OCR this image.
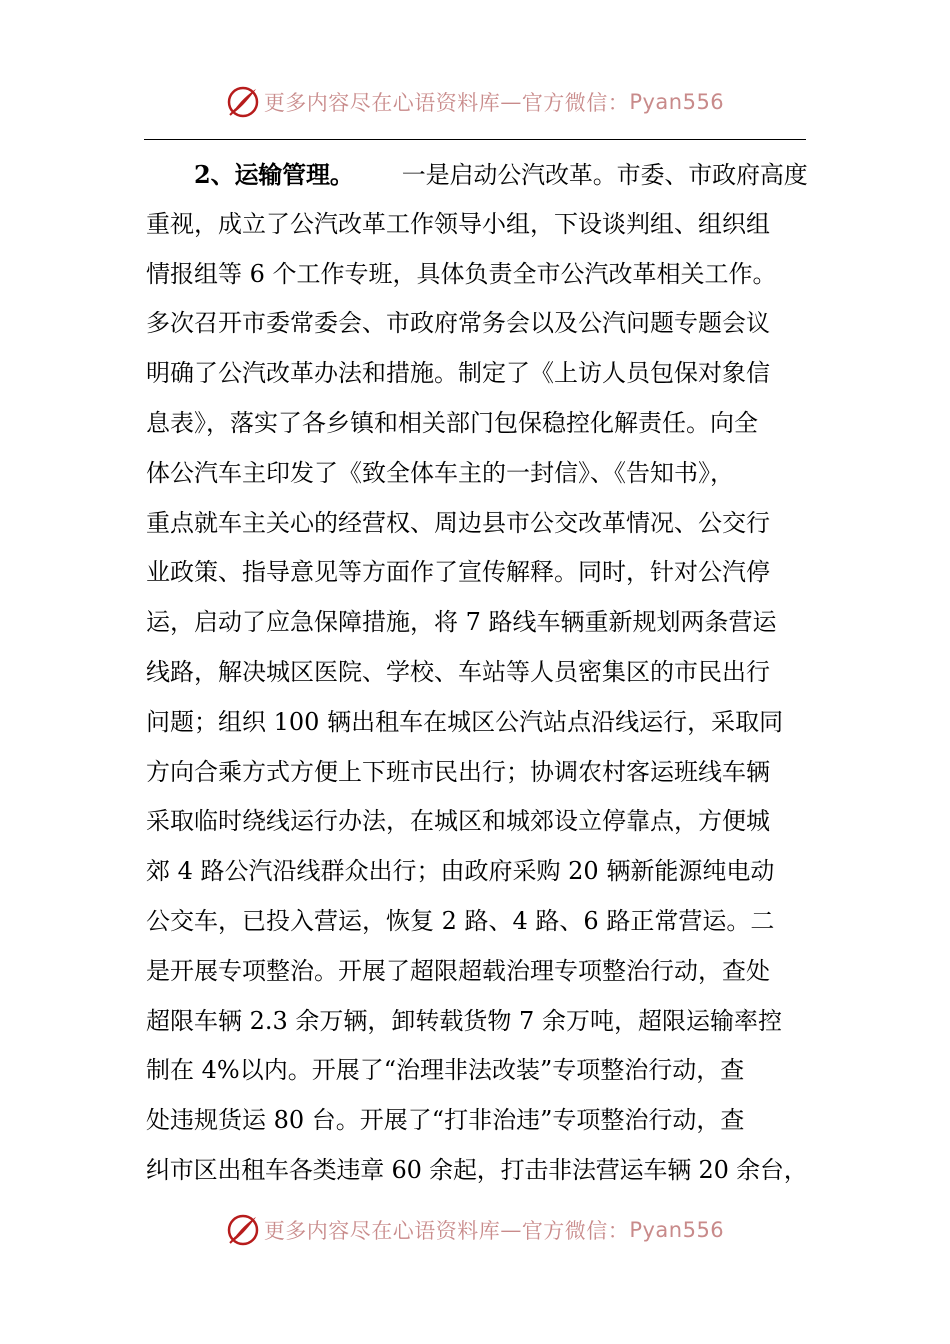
更多内容尽在心语资料库 — 官方微信： Pyan556
2、运输管理。 一是启动公汽改革。市委、市政府高度
重视，成立了公汽改革工作领导小组，下设谈判组、组织组
情报组等 6 个工作专班，具体负责全市公汽改革相关工作。
多次召开市委常委会、市政府常务会以及公汽问题专题会议
明确了公汽改革办法和措施。制定了《上访人员包保对象信
息表》，落实了各乡镇和相关部门包保稳控化解责任。向全
体公汽车主印发了《致全体车主的一封信》、《告知书》，
重点就车主关心的经营权、周边县市公交改革情况、公交行
业政策、指导意见等方面作了宣传解释。同时，针对公汽停
运，启动了应急保障措施，将 7 路线车辆重新规划两条营运
线路，解决城区医院、学校、车站等人员密集区的市民出行
问题；组织 100 辆出租车在城区公汽站点沿线运行，采取同
方向合乘方式方便上下班市民出行；协调农村客运班线车辆
采取临时绕线运行办法，在城区和城郊设立停靠点，方便城
郊 4 路公汽沿线群众出行；由政府采购 20 辆新能源纯电动
公交车，已投入营运，恢复 2 路、4 路、6 路正常营运。二
是开展专项整治。开展了超限超载治理专项整治行动，查处
超限车辆 2.3 余万辆，卸转载货物 7 余万吨，超限运输率控
制在 4%以内。开展了“治理非法改装”专项整治行动，查
处违规货运 80 台。开展了“打非治违”专项整治行动，查
纠市区出租车各类违章 60 余起，打击非法营运车辆 20 余台，
更多内容尽在心语资料库 — 官方微信： Pyan556
